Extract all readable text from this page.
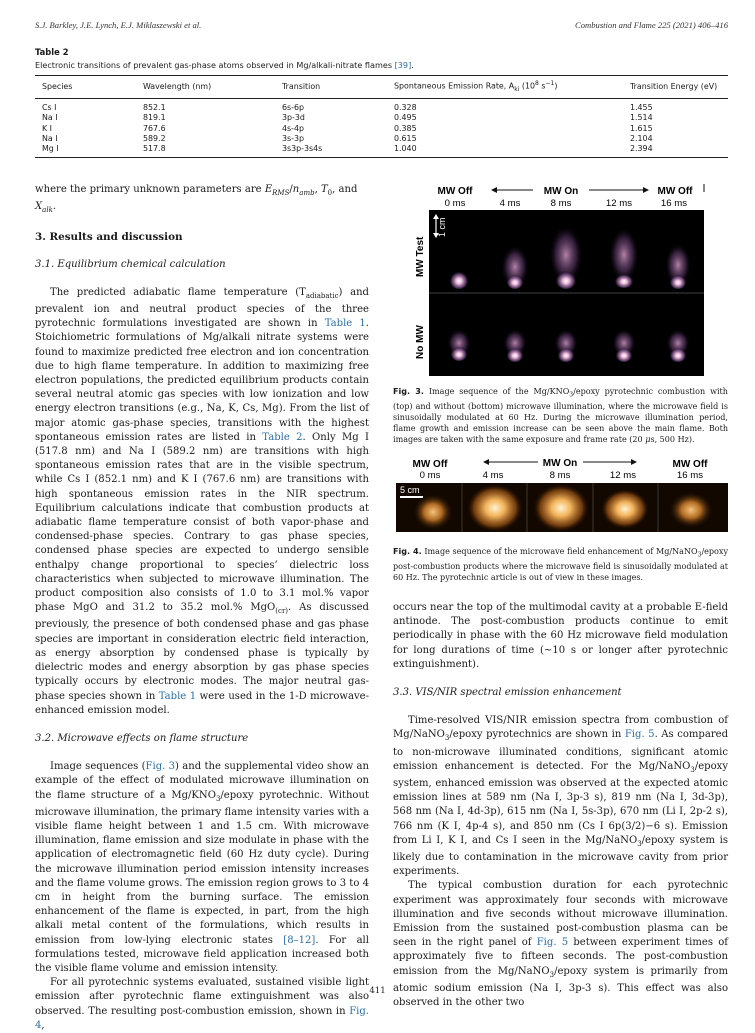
S.J. Barkley, J.E. Lynch, E.J. Miklaszewski et al.	Combustion and Flame 225 (2021) 406–416

Table 2

Electronic transitions of prevalent gas-phase atoms observed in Mg/alkali-nitrate flames [39].

Species	Wavelength (nm)	Transition	Spontaneous Emission Rate, $A_{ki}$ ($10^8$ $s^{-1}$)	Transition Energy (eV)
Cs I	852.1	6s-6p	0.328	1.455
Na I	819.1	3p-3d	0.495	1.514
K I	767.6	4s-4p	0.385	1.615
Na I	589.2	3s-3p	0.615	2.104
Mg I	517.8	3s3p-3s4s	1.040	2.394

where the primary unknown parameters are $E_{RMS}/n_{amb}$, $T_0$, and
$X_{alk}$.

3. Results and discussion
3.1. Equilibrium chemical calculation

The predicted adiabatic flame temperature $(T_{adiabatic})$ and prevalent ion and neutral product species of the three pyrotechnic formulations investigated are shown in Table 1. Stoichiometric formulations of Mg/alkali nitrate systems were found to maximize predicted free electron and ion concentration due to high flame temperature. In addition to maximizing free electron populations, the predicted equilibrium products contain several neutral atomic gas species with low ionization and low energy electron transitions (e.g., Na, K, Cs, Mg). From the list of major atomic gas-phase species, transitions with the highest spontaneous emission rates are listed in Table 2. Only Mg I (517.8 nm) and Na I (589.2 nm) are transitions with high spontaneous emission rates that are in the visible spectrum, while Cs I (852.1 nm) and K I (767.6 nm) are transitions with high spontaneous emission rates in the NIR spectrum. Equilibrium calculations indicate that combustion products at adiabatic flame temperature consist of both vapor-phase and condensed-phase species. Contrary to gas phase species, condensed phase species are expected to undergo sensible enthalpy change proportional to species’ dielectric loss characteristics when subjected to microwave illumination. The product composition also consists of 1.0 to 3.1 mol.% vapor phase MgO and 31.2 to 35.2 mol.% MgO$_{(cr)}$. As discussed previously, the presence of both condensed phase and gas phase species are important in consideration electric field interaction, as energy absorption by condensed phase is typically by dielectric modes and energy absorption by gas phase species typically occurs by electronic modes. The major neutral gas-phase species shown in Table 1 were used in the 1-D microwave-enhanced emission model.

3.2. Microwave effects on flame structure

Image sequences (Fig. 3) and the supplemental video show an example of the effect of modulated microwave illumination on the flame structure of a $Mg/KNO_3$/epoxy pyrotechnic. Without microwave illumination, the primary flame intensity varies with a visible flame height between 1 and 1.5 cm. With microwave illumination, flame emission and size modulate in phase with the application of electromagnetic field (60 Hz duty cycle). During the microwave illumination period emission intensity increases and the flame volume grows. The emission region grows to 3 to 4 cm in height from the burning surface. The emission enhancement of the flame is expected, in part, from the high alkali metal content of the formulations, which results in emission from low-lying electronic states [8–12]. For all formulations tested, microwave field application increased both the visible flame volume and emission intensity.

For all pyrotechnic systems evaluated, sustained visible light emission after pyrotechnic flame extinguishment was also observed. The resulting post-combustion emission, shown in Fig. 4,

MW Off	MW On	MW Off
0 ms	4 ms	8 ms	12 ms	16 ms
MW Test
No MW
1 cm
Fig. 3. Image sequence of the $Mg/KNO_3$/epoxy pyrotechnic combustion with (top) and without (bottom) microwave illumination, where the microwave field is sinusoidally modulated at 60 Hz. During the microwave illumination period, flame growth and emission increase can be seen above the main flame. Both images are taken with the same exposure and frame rate (20 μs, 500 Hz).
MW Off	MW On	MW Off
0 ms	4 ms	8 ms	12 ms	16 ms
5 cm
Fig. 4. Image sequence of the microwave field enhancement of Mg/NaNO$_3$/epoxy post-combustion products where the microwave field is sinusoidally modulated at 60 Hz. The pyrotechnic article is out of view in these images.

occurs near the top of the multimodal cavity at a probable E-field antinode. The post-combustion products continue to emit periodically in phase with the 60 Hz microwave field modulation for long durations of time (~10 s or longer after pyrotechnic extinguishment).

3.3. VIS/NIR spectral emission enhancement

Time-resolved VIS/NIR emission spectra from combustion of Mg/NaNO$_3$/epoxy pyrotechnics are shown in Fig. 5. As compared to non-microwave illuminated conditions, significant atomic emission enhancement is detected. For the Mg/NaNO$_3$/epoxy system, enhanced emission was observed at the expected atomic emission lines at 589 nm (Na I, 3p-3 s), 819 nm (Na I, 3d-3p), 568 nm (Na I, 4d-3p), 615 nm (Na I, 5s-3p), 670 nm (Li I, 2p-2 s), 766 nm (K I, 4p-4 s), and 850 nm (Cs I 6p(3/2)−6 s). Emission from Li I, K I, and Cs I seen in the Mg/NaNO$_3$/epoxy system is likely due to contamination in the microwave cavity from prior experiments.

The typical combustion duration for each pyrotechnic experiment was approximately four seconds with microwave illumination and five seconds without microwave illumination. Emission from the sustained post-combustion plasma can be seen in the right panel of Fig. 5 between experiment times of approximately five to fifteen seconds. The post-combustion emission from the Mg/NaNO$_3$/epoxy system is primarily from atomic sodium emission (Na I, 3p-3 s). This effect was also observed in the other two

411
